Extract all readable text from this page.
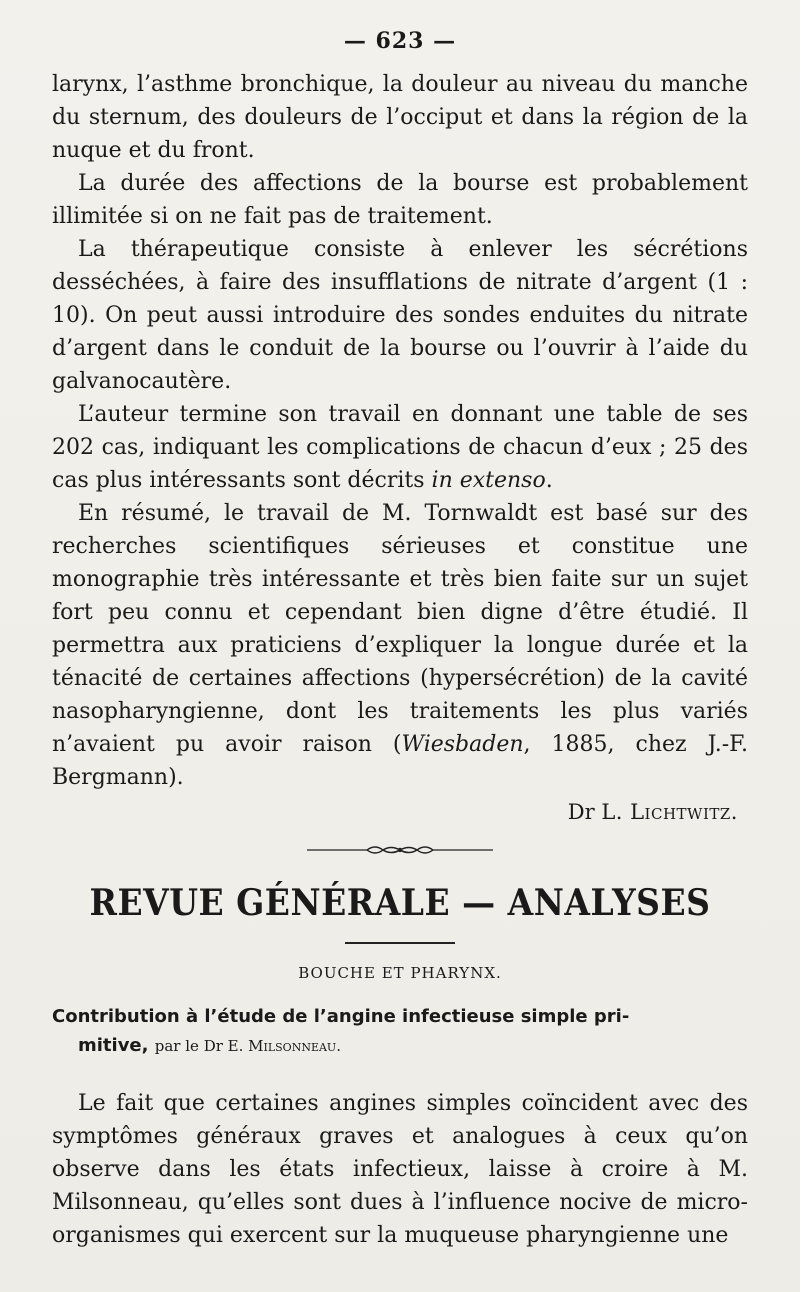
— 623 —

larynx, l’asthme bronchique, la douleur au niveau du manche du sternum, des douleurs de l’occiput et dans la région de la nuque et du front.

La durée des affections de la bourse est probablement illimitée si on ne fait pas de traitement.

La thérapeutique consiste à enlever les sécrétions desséchées, à faire des insufflations de nitrate d’argent (1 : 10). On peut aussi introduire des sondes enduites du nitrate d’argent dans le conduit de la bourse ou l’ouvrir à l’aide du galvanocautère.

L’auteur termine son travail en donnant une table de ses 202 cas, indiquant les complications de chacun d’eux ; 25 des cas plus intéressants sont décrits in extenso.

En résumé, le travail de M. Tornwaldt est basé sur des recherches scientifiques sérieuses et constitue une monographie très intéressante et très bien faite sur un sujet fort peu connu et cependant bien digne d’être étudié. Il permettra aux praticiens d’expliquer la longue durée et la ténacité de certaines affections (hypersécrétion) de la cavité nasopharyngienne, dont les traitements les plus variés n’avaient pu avoir raison (Wiesbaden, 1885, chez J.-F. Bergmann).

Dr L. Lichtwitz.
REVUE GÉNÉRALE — ANALYSES
BOUCHE ET PHARYNX.
Contribution à l’étude de l’angine infectieuse simple pri-
mitive, par le Dr E. Milsonneau.

Le fait que certaines angines simples coïncident avec des symptômes généraux graves et analogues à ceux qu’on observe dans les états infectieux, laisse à croire à M. Milsonneau, qu’elles sont dues à l’influence nocive de micro-organismes qui exercent sur la muqueuse pharyngienne une
